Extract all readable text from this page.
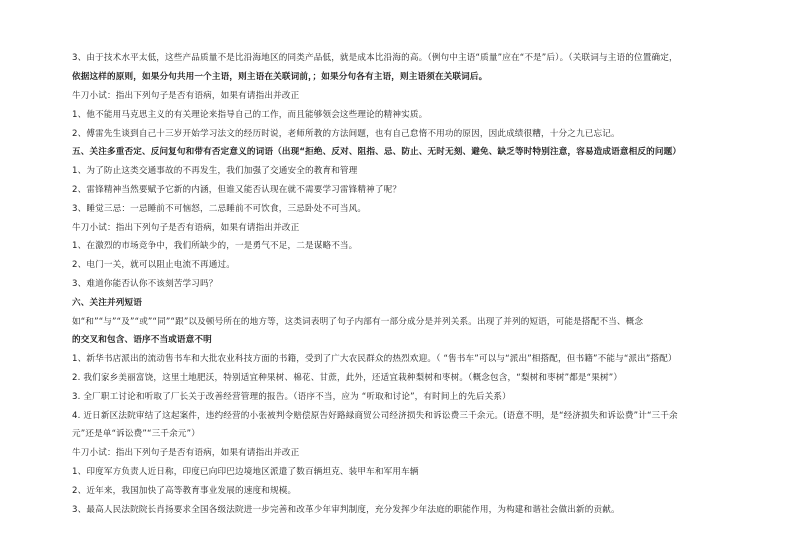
3、由于技术水平太低，这些产品质量不是比沿海地区的同类产品低，就是成本比沿海的高。（例句中主语“质量”应在“不是”后）。（关联词与主语的位置确定，
依据这样的原则，如果分句共用一个主语，则主语在关联词前，；如果分句各有主语，则主语须在关联词后。
牛刀小试：指出下列句子是否有语病，如果有请指出并改正
1、他不能用马克思主义的有关理论来指导自己的工作，而且能够领会这些理论的精神实质。
2、傅雷先生谈到自己十三岁开始学习法文的经历时说，老师所教的方法间题，也有自己怠惰不用功的原因，因此成绩很糟，十分之九已忘记。
五、关注多重否定、反问复句和带有否定意义的词语（出现“拒绝、反对、阻指、忌、防止、无时无刻、避免、缺乏等时特别注意，容易造成语意相反的问题）
1、为了防止这类交通事故的不再发生，我们加强了交通安全的教育和管理
2、雷锋精神当然要赋予它新的内涵，但谁又能否认现在就不需要学习雷锋精神了呢？
3、睡觉三忌：一忌睡前不可恼怒，二忌睡前不可饮食，三忌卧处不可当风。
牛刀小试：指出下列句子是否有语病，如果有请指出并改正
1、在激烈的市场竞争中，我们所缺少的，一是勇气不足，二是谋略不当。
2、电门一关，就可以阻止电流不再通过。
3、难道你能否认你不该刻苦学习吗？
六、关注并列短语
如“和”“与”“及”“或”“同”“跟”以及顿号所在的地方等，这类词表明了句子内部有一部分成分是并列关系。出现了并列的短语，可能是搭配不当、概念
的交叉和包含、语序不当或语意不明
1、新华书店派出的流动售书车和大批农业科技方面的书籍，受到了广大农民群众的热烈欢迎。（ “售书车”可以与“派出”相搭配，但书籍”不能与“派出”搭配）
2. 我们家乡美丽富饶，这里土地肥沃，特别适宜种果树、棉花、甘蔗，此外，还适宜栽种梨树和枣树。（概念包含，“梨树和枣树”都是“果树”）
3. 全厂职工讨论和听取了厂长关于改善经营管理的报告。（语序不当，应为 “听取和讨论”，有时间上的先后关系）
4. 近日新区法院审结了这起案件，违约经营的小张被判令赔偿原告好路緑商贸公司经济损失和诉讼费三千余元。(语意不明，是“经济损失和诉讼费”计“三千余
元”还是单“诉讼费”“三千余元”）
牛刀小试：指出下列句子是否有语病，如果有请指出并改正
1、印度军方负责人近日称，印度已向印巴边境地区派遣了数百辆坦克、装甲车和军用车辆
2、近年来，我国加快了高等教育事业发展的速度和规模。
3、最高人民法院院长肖扬要求全国各级法院进一步完善和改革少年审判制度，充分发挥少年法庭的职能作用，为构建和谐社会做出新的贡献。
